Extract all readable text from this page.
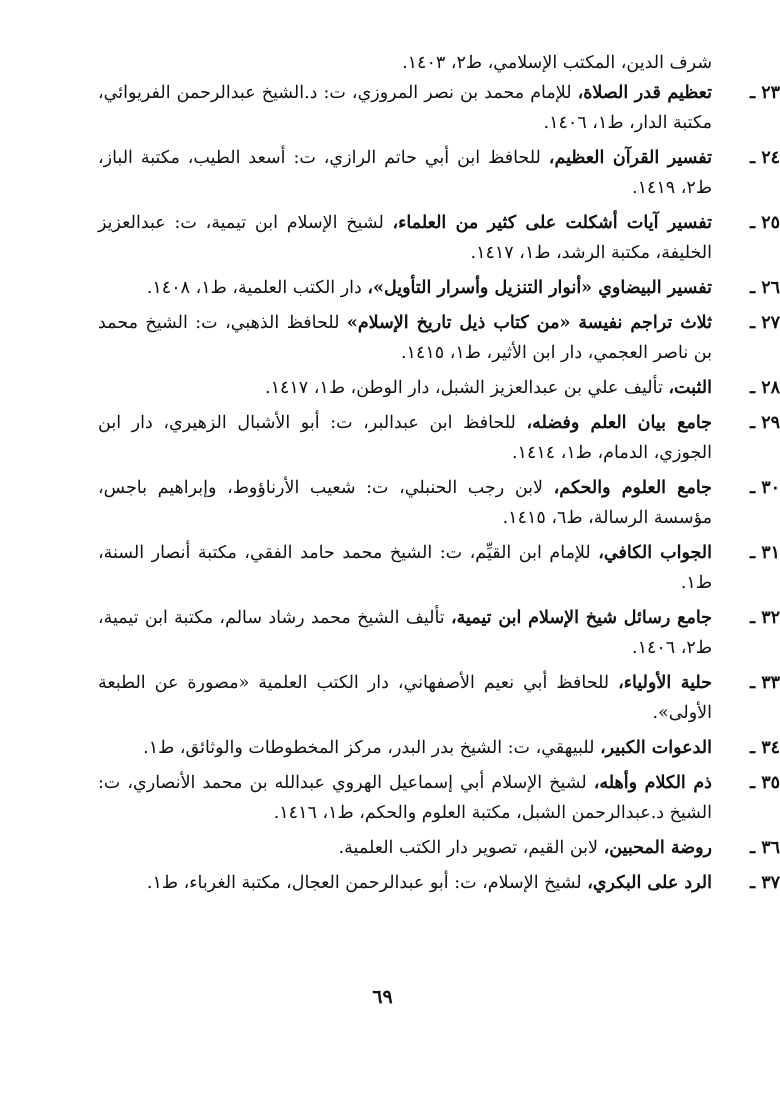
شرف الدين، المكتب الإسلامي، ط٢، ١٤٠٣.

٢٣ ـ
تعظيم قدر الصلاة، للإمام محمد بن نصر المروزي، ت: د.الشيخ عبدالرحمن الفريوائي، مكتبة الدار، ط١، ١٤٠٦.
٢٤ ـ
تفسير القرآن العظيم، للحافظ ابن أبي حاتم الرازي، ت: أسعد الطيب، مكتبة الباز، ط٢، ١٤١٩.
٢٥ ـ
تفسير آيات أشكلت على كثير من العلماء، لشيخ الإسلام ابن تيمية، ت: عبدالعزيز الخليفة، مكتبة الرشد، ط١، ١٤١٧.
٢٦ ـ
تفسير البيضاوي «أنوار التنزيل وأسرار التأويل»، دار الكتب العلمية، ط١، ١٤٠٨.
٢٧ ـ
ثلاث تراجم نفيسة «من كتاب ذيل تاريخ الإسلام» للحافظ الذهبي، ت: الشيخ محمد بن ناصر العجمي، دار ابن الأثير، ط١، ١٤١٥.
٢٨ ـ
الثبت، تأليف علي بن عبدالعزيز الشبل، دار الوطن، ط١، ١٤١٧.
٢٩ ـ
جامع بيان العلم وفضله، للحافظ ابن عبدالبر، ت: أبو الأشبال الزهيري، دار ابن الجوزي، الدمام، ط١، ١٤١٤.
٣٠ ـ
جامع العلوم والحكم، لابن رجب الحنبلي، ت: شعيب الأرناؤوط، وإبراهيم باجس، مؤسسة الرسالة، ط٦، ١٤١٥.
٣١ ـ
الجواب الكافي، للإمام ابن القيِّم، ت: الشيخ محمد حامد الفقي، مكتبة أنصار السنة، ط١.
٣٢ ـ
جامع رسائل شيخ الإسلام ابن تيمية، تأليف الشيخ محمد رشاد سالم، مكتبة ابن تيمية، ط٢، ١٤٠٦.
٣٣ ـ
حلية الأولياء، للحافظ أبي نعيم الأصفهاني، دار الكتب العلمية «مصورة عن الطبعة الأولى».
٣٤ ـ
الدعوات الكبير، للبيهقي، ت: الشيخ بدر البدر، مركز المخطوطات والوثائق، ط١.
٣٥ ـ
ذم الكلام وأهله، لشيخ الإسلام أبي إسماعيل الهروي عبدالله بن محمد الأنصاري، ت: الشيخ د.عبدالرحمن الشبل، مكتبة العلوم والحكم، ط١، ١٤١٦.
٣٦ ـ
روضة المحبين، لابن القيم، تصوير دار الكتب العلمية.
٣٧ ـ
الرد على البكري، لشيخ الإسلام، ت: أبو عبدالرحمن العجال، مكتبة الغرباء، ط١.
٦٩
